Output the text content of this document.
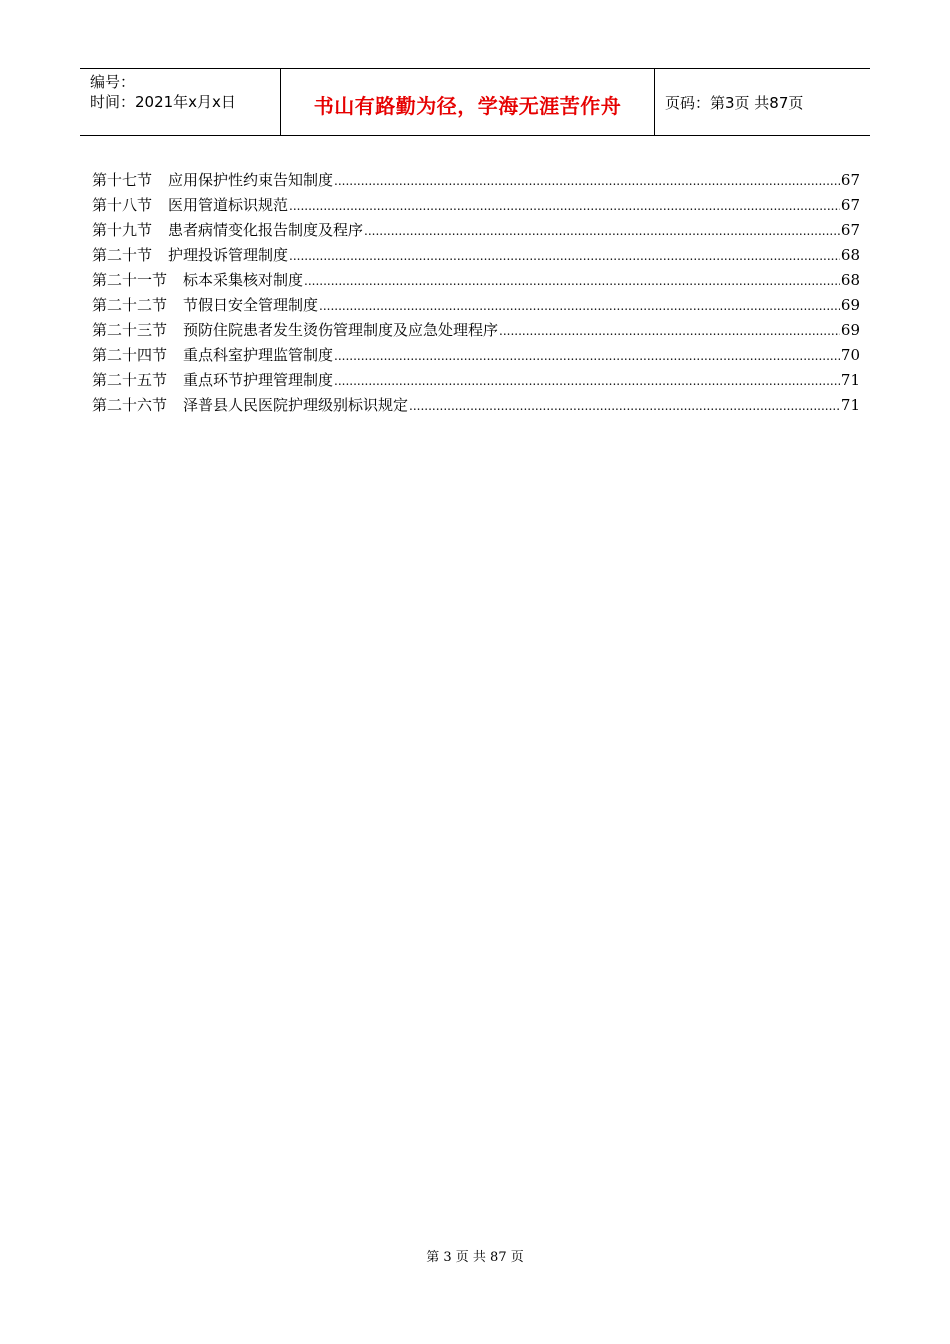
编号：
时间：2021年x月x日	书山有路勤为径，学海无涯苦作舟	页码：第3页 共87页
第十七节 应用保护性约束告知制度 .....	67
第十八节 医用管道标识规范 .....	67
第十九节 患者病情变化报告制度及程序 .....	67
第二十节 护理投诉管理制度 .....	68
第二十一节 标本采集核对制度 .....	68
第二十二节 节假日安全管理制度 .....	69
第二十三节 预防住院患者发生烫伤管理制度及应急处理程序 .....	69
第二十四节 重点科室护理监管制度 .....	70
第二十五节 重点环节护理管理制度 .....	71
第二十六节 泽普县人民医院护理级别标识规定 .....	71
第 3 页 共 87 页
